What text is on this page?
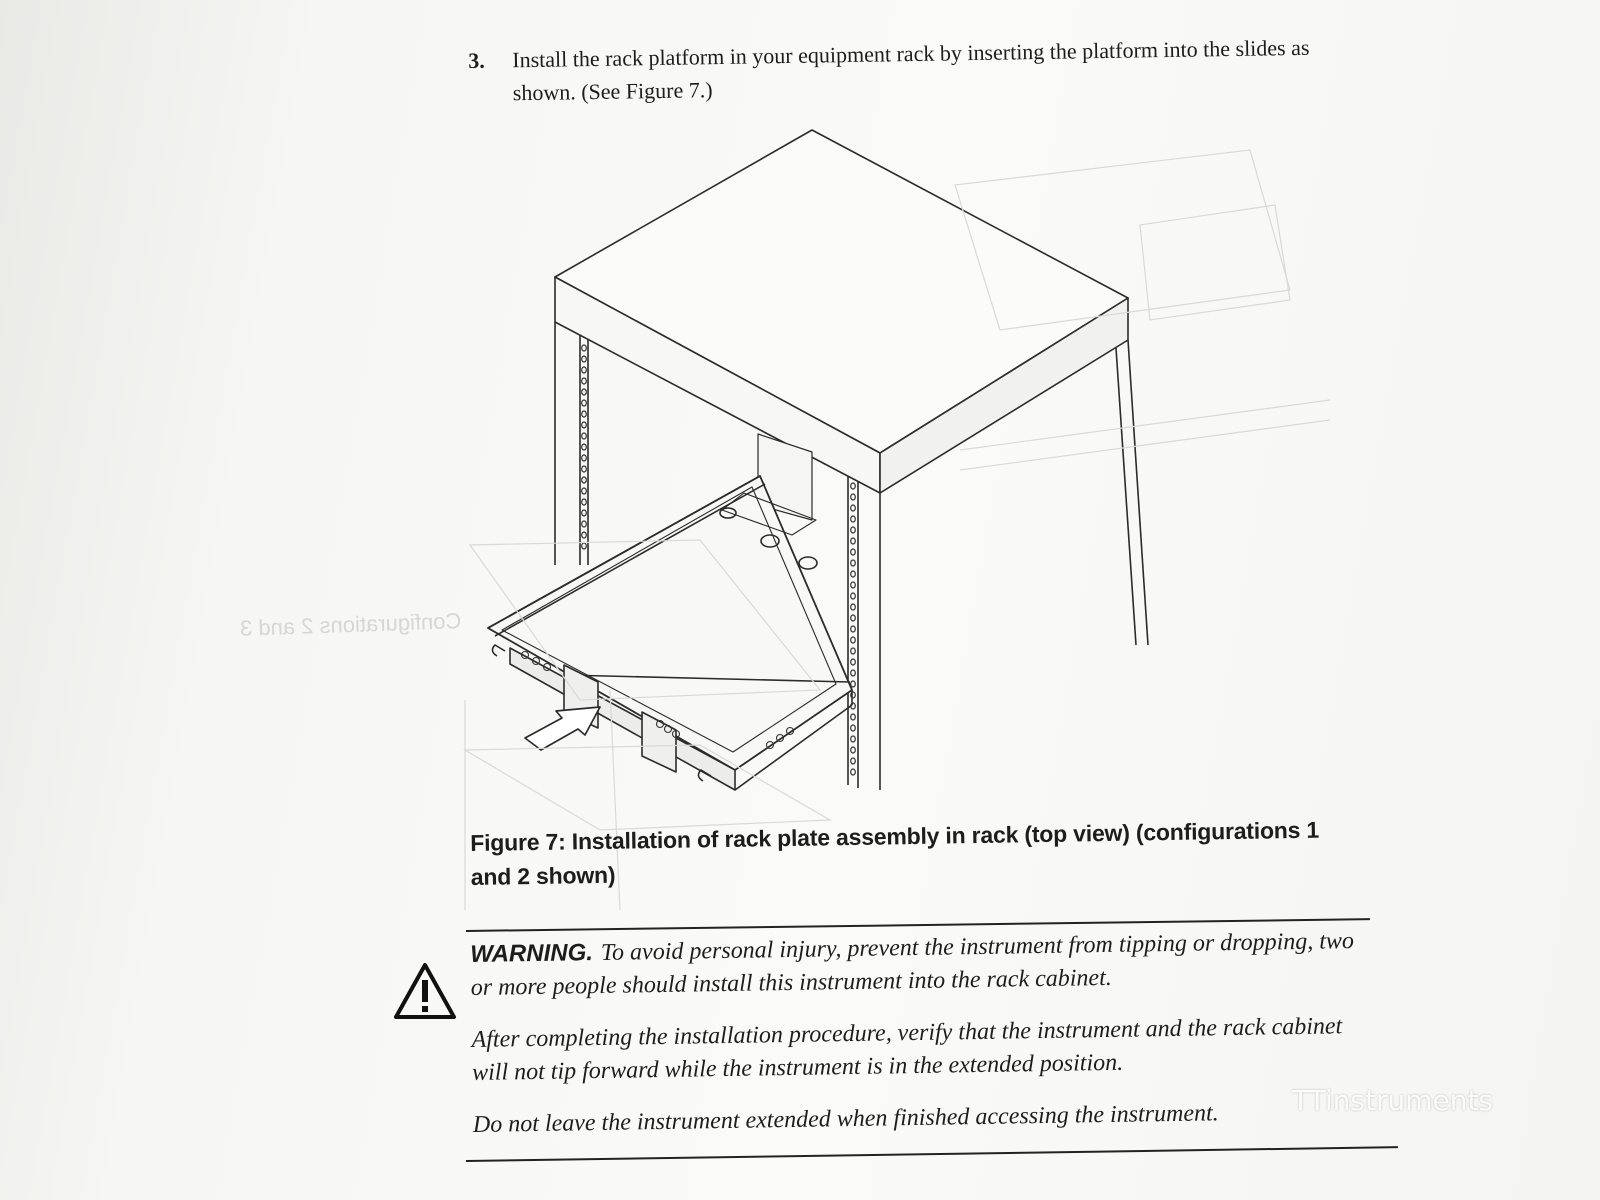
Configurations 2 and 3
3. Install the rack platform in your equipment rack by inserting the platform into the slides as shown. (See Figure 7.)
Figure 7: Installation of rack plate assembly in rack (top view) (configurations 1 and 2 shown)

WARNING. To avoid personal injury, prevent the instrument from tipping or dropping, two or more people should install this instrument into the rack cabinet.

After completing the installation procedure, verify that the instrument and the rack cabinet will not tip forward while the instrument is in the extended position.

Do not leave the instrument extended when finished accessing the instrument.	TTinstruments
